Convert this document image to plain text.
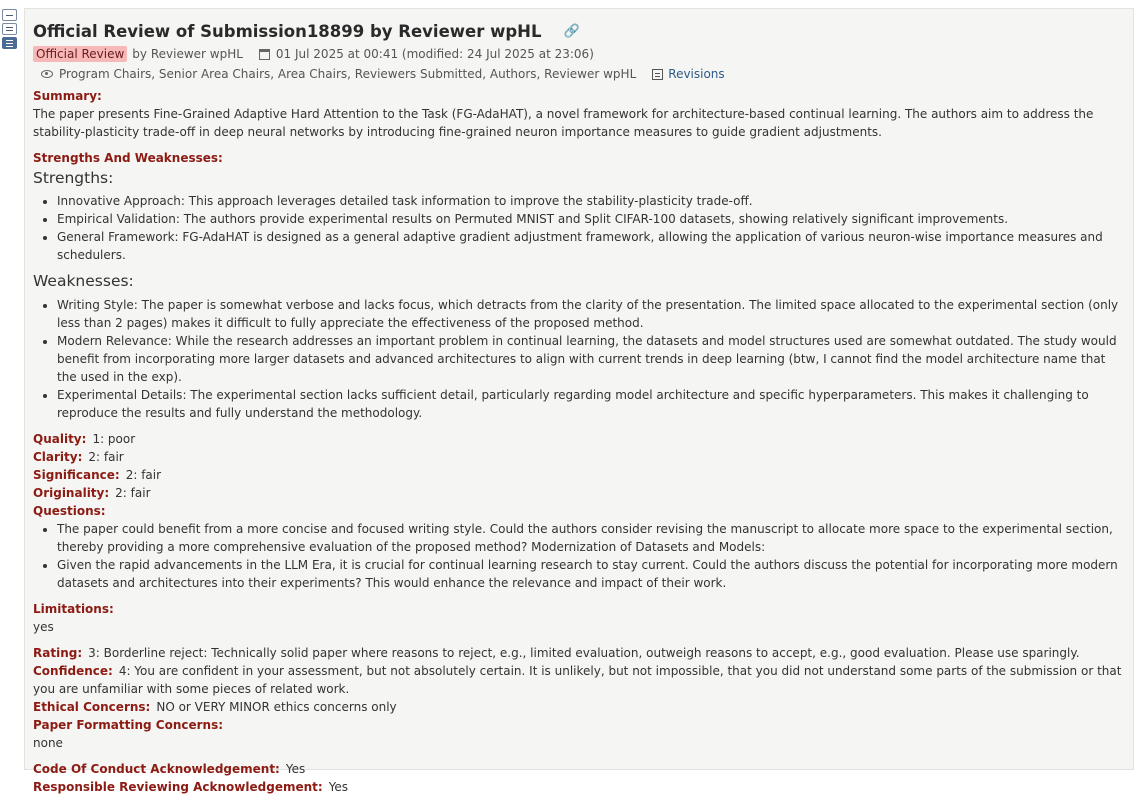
Official Review of Submission18899 by Reviewer wpHL 🔗
Official Review by Reviewer wpHL	01 Jul 2025 at 00:41 (modified: 24 Jul 2025 at 23:06)
Program Chairs, Senior Area Chairs, Area Chairs, Reviewers Submitted, Authors, Reviewer wpHL	Revisions
Summary:

The paper presents Fine-Grained Adaptive Hard Attention to the Task (FG-AdaHAT), a novel framework for architecture-based continual learning. The authors aim to address the stability-plasticity trade-off in deep neural networks by introducing fine-grained neuron importance measures to guide gradient adjustments.

Strengths And Weaknesses:
Strengths:
• Innovative Approach: This approach leverages detailed task information to improve the stability-plasticity trade-off.
• Empirical Validation: The authors provide experimental results on Permuted MNIST and Split CIFAR-100 datasets, showing relatively significant improvements.
• General Framework: FG-AdaHAT is designed as a general adaptive gradient adjustment framework, allowing the application of various neuron-wise importance measures and schedulers.
Weaknesses:
• Writing Style: The paper is somewhat verbose and lacks focus, which detracts from the clarity of the presentation. The limited space allocated to the experimental section (only less than 2 pages) makes it difficult to fully appreciate the effectiveness of the proposed method.
• Modern Relevance: While the research addresses an important problem in continual learning, the datasets and model structures used are somewhat outdated. The study would benefit from incorporating more larger datasets and advanced architectures to align with current trends in deep learning (btw, I cannot find the model architecture name that the used in the exp).
• Experimental Details: The experimental section lacks sufficient detail, particularly regarding model architecture and specific hyperparameters. This makes it challenging to reproduce the results and fully understand the methodology.
Quality: 1: poor
Clarity: 2: fair
Significance: 2: fair
Originality: 2: fair
Questions:
• The paper could benefit from a more concise and focused writing style. Could the authors consider revising the manuscript to allocate more space to the experimental section, thereby providing a more comprehensive evaluation of the proposed method? Modernization of Datasets and Models:
• Given the rapid advancements in the LLM Era, it is crucial for continual learning research to stay current. Could the authors discuss the potential for incorporating more modern datasets and architectures into their experiments? This would enhance the relevance and impact of their work.
Limitations:

yes

Rating: 3: Borderline reject: Technically solid paper where reasons to reject, e.g., limited evaluation, outweigh reasons to accept, e.g., good evaluation. Please use sparingly.

Confidence: 4: You are confident in your assessment, but not absolutely certain. It is unlikely, but not impossible, that you did not understand some parts of the submission or that you are unfamiliar with some pieces of related work.

Ethical Concerns: NO or VERY MINOR ethics concerns only

Paper Formatting Concerns:

none

Code Of Conduct Acknowledgement: Yes

Responsible Reviewing Acknowledgement: Yes
